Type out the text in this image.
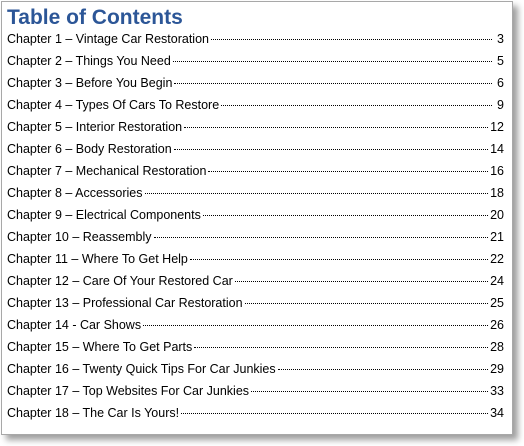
Table of Contents
Chapter 1 – Vintage Car Restoration	3
Chapter 2 – Things You Need	5
Chapter 3 – Before You Begin	6
Chapter 4 – Types Of Cars To Restore	9
Chapter 5 – Interior Restoration	12
Chapter 6 – Body Restoration	14
Chapter 7 – Mechanical Restoration	16
Chapter 8 – Accessories	18
Chapter 9 – Electrical Components	20
Chapter 10 – Reassembly	21
Chapter 11 – Where To Get Help	22
Chapter 12 – Care Of Your Restored Car	24
Chapter 13 – Professional Car Restoration	25
Chapter 14 - Car Shows	26
Chapter 15 – Where To Get Parts	28
Chapter 16 – Twenty Quick Tips For Car Junkies	29
Chapter 17 – Top Websites For Car Junkies	33
Chapter 18 – The Car Is Yours!	34
